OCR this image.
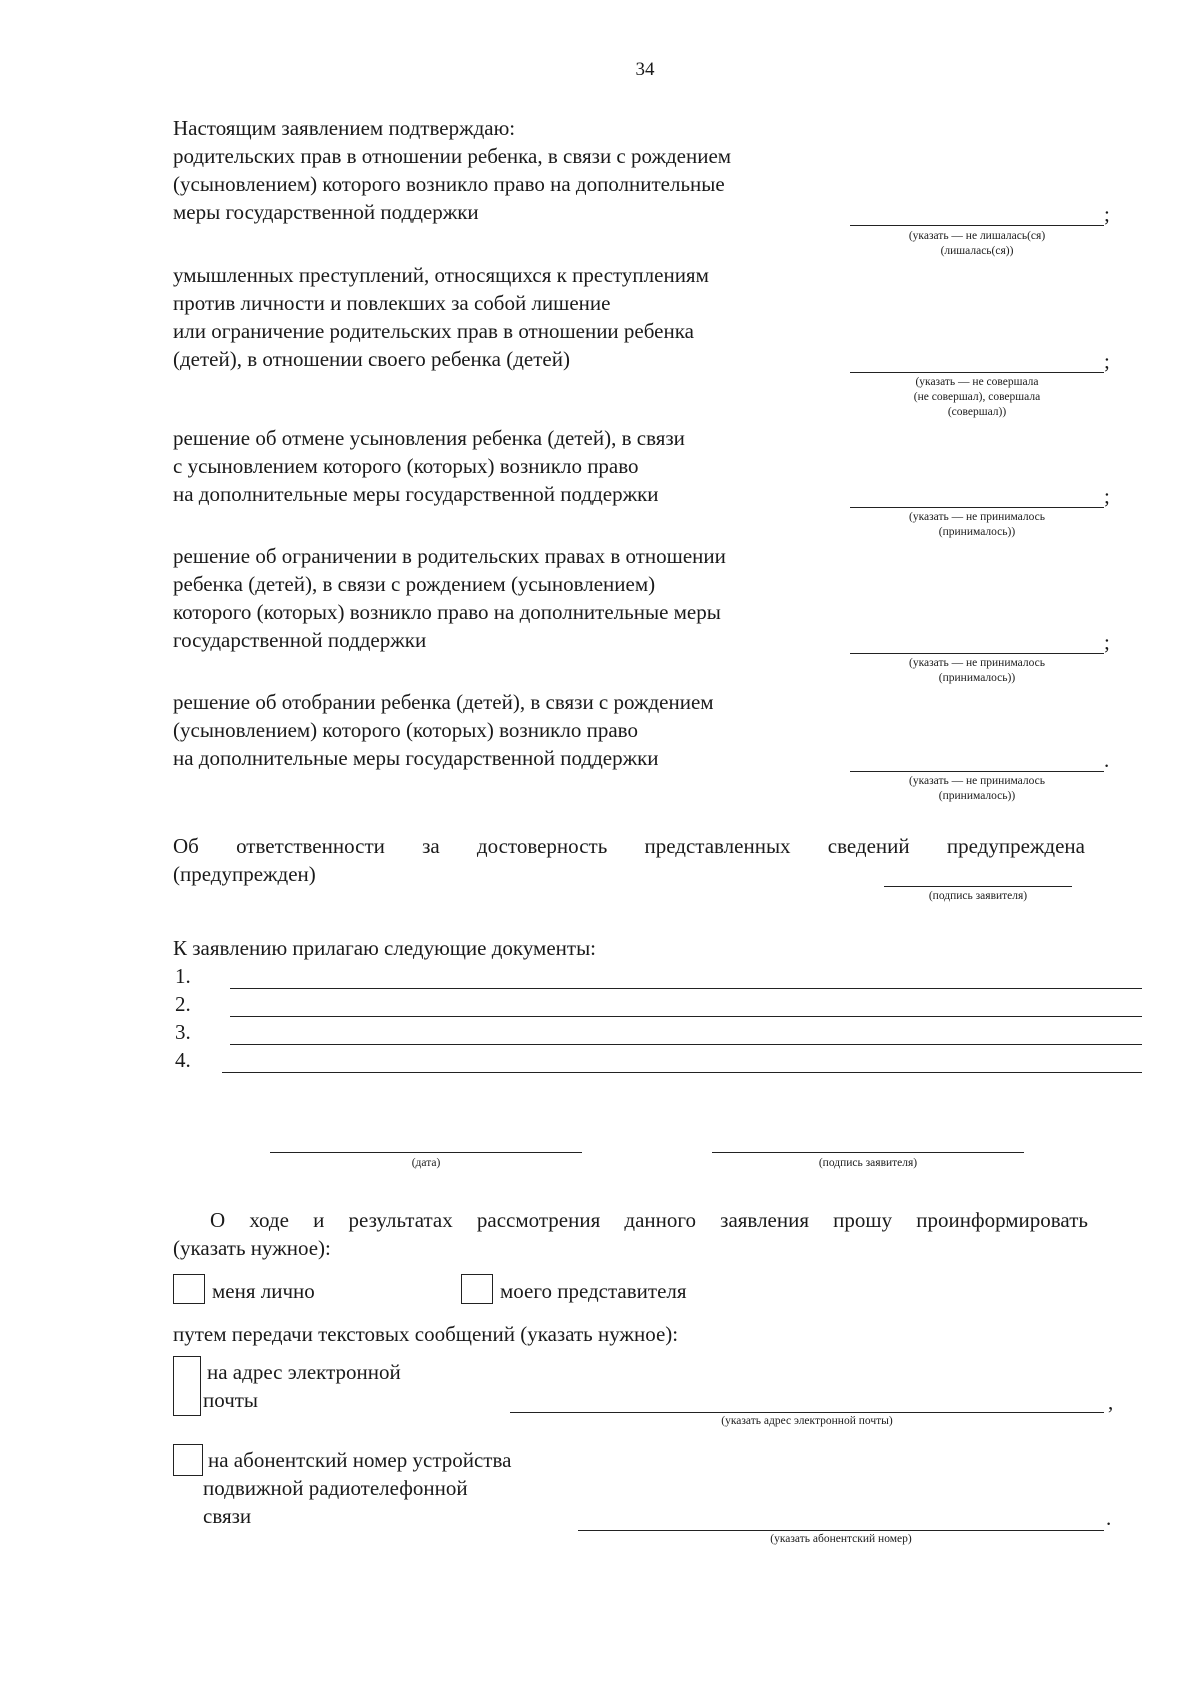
34
Настоящим заявлением подтверждаю:
родительских прав в отношении ребенка, в связи с рождением
(усыновлением) которого возникло право на дополнительные
меры государственной поддержки	;
(указать — не лишалась(ся)
(лишалась(ся))
умышленных преступлений, относящихся к преступлениям
против личности и повлекших за собой лишение
или ограничение родительских прав в отношении ребенка
(детей), в отношении своего ребенка (детей)	;
(указать — не совершала
(не совершал), совершала
(совершал))
решение об отмене усыновления ребенка (детей), в связи
с усыновлением которого (которых) возникло право
на дополнительные меры государственной поддержки	;
(указать — не принималось
(принималось))
решение об ограничении в родительских правах в отношении
ребенка (детей), в связи с рождением (усыновлением)
которого (которых) возникло право на дополнительные меры
государственной поддержки	;
(указать — не принималось
(принималось))
решение об отобрании ребенка (детей), в связи с рождением
(усыновлением) которого (которых) возникло право
на дополнительные меры государственной поддержки	.
(указать — не принималось
(принималось))
Об ответственности за достоверность представленных сведений предупреждена
(предупрежден)
(подпись заявителя)
К заявлению прилагаю следующие документы:
1.
2.
3.
4.
(дата)	(подпись заявителя)
О ходе и результатах рассмотрения данного заявления прошу проинформировать
(указать нужное):
меня лично	моего представителя
путем передачи текстовых сообщений (указать нужное):
на адрес электронной
почты	,
(указать адрес электронной почты)
на абонентский номер устройства
подвижной радиотелефонной
связи	.
(указать абонентский номер)
